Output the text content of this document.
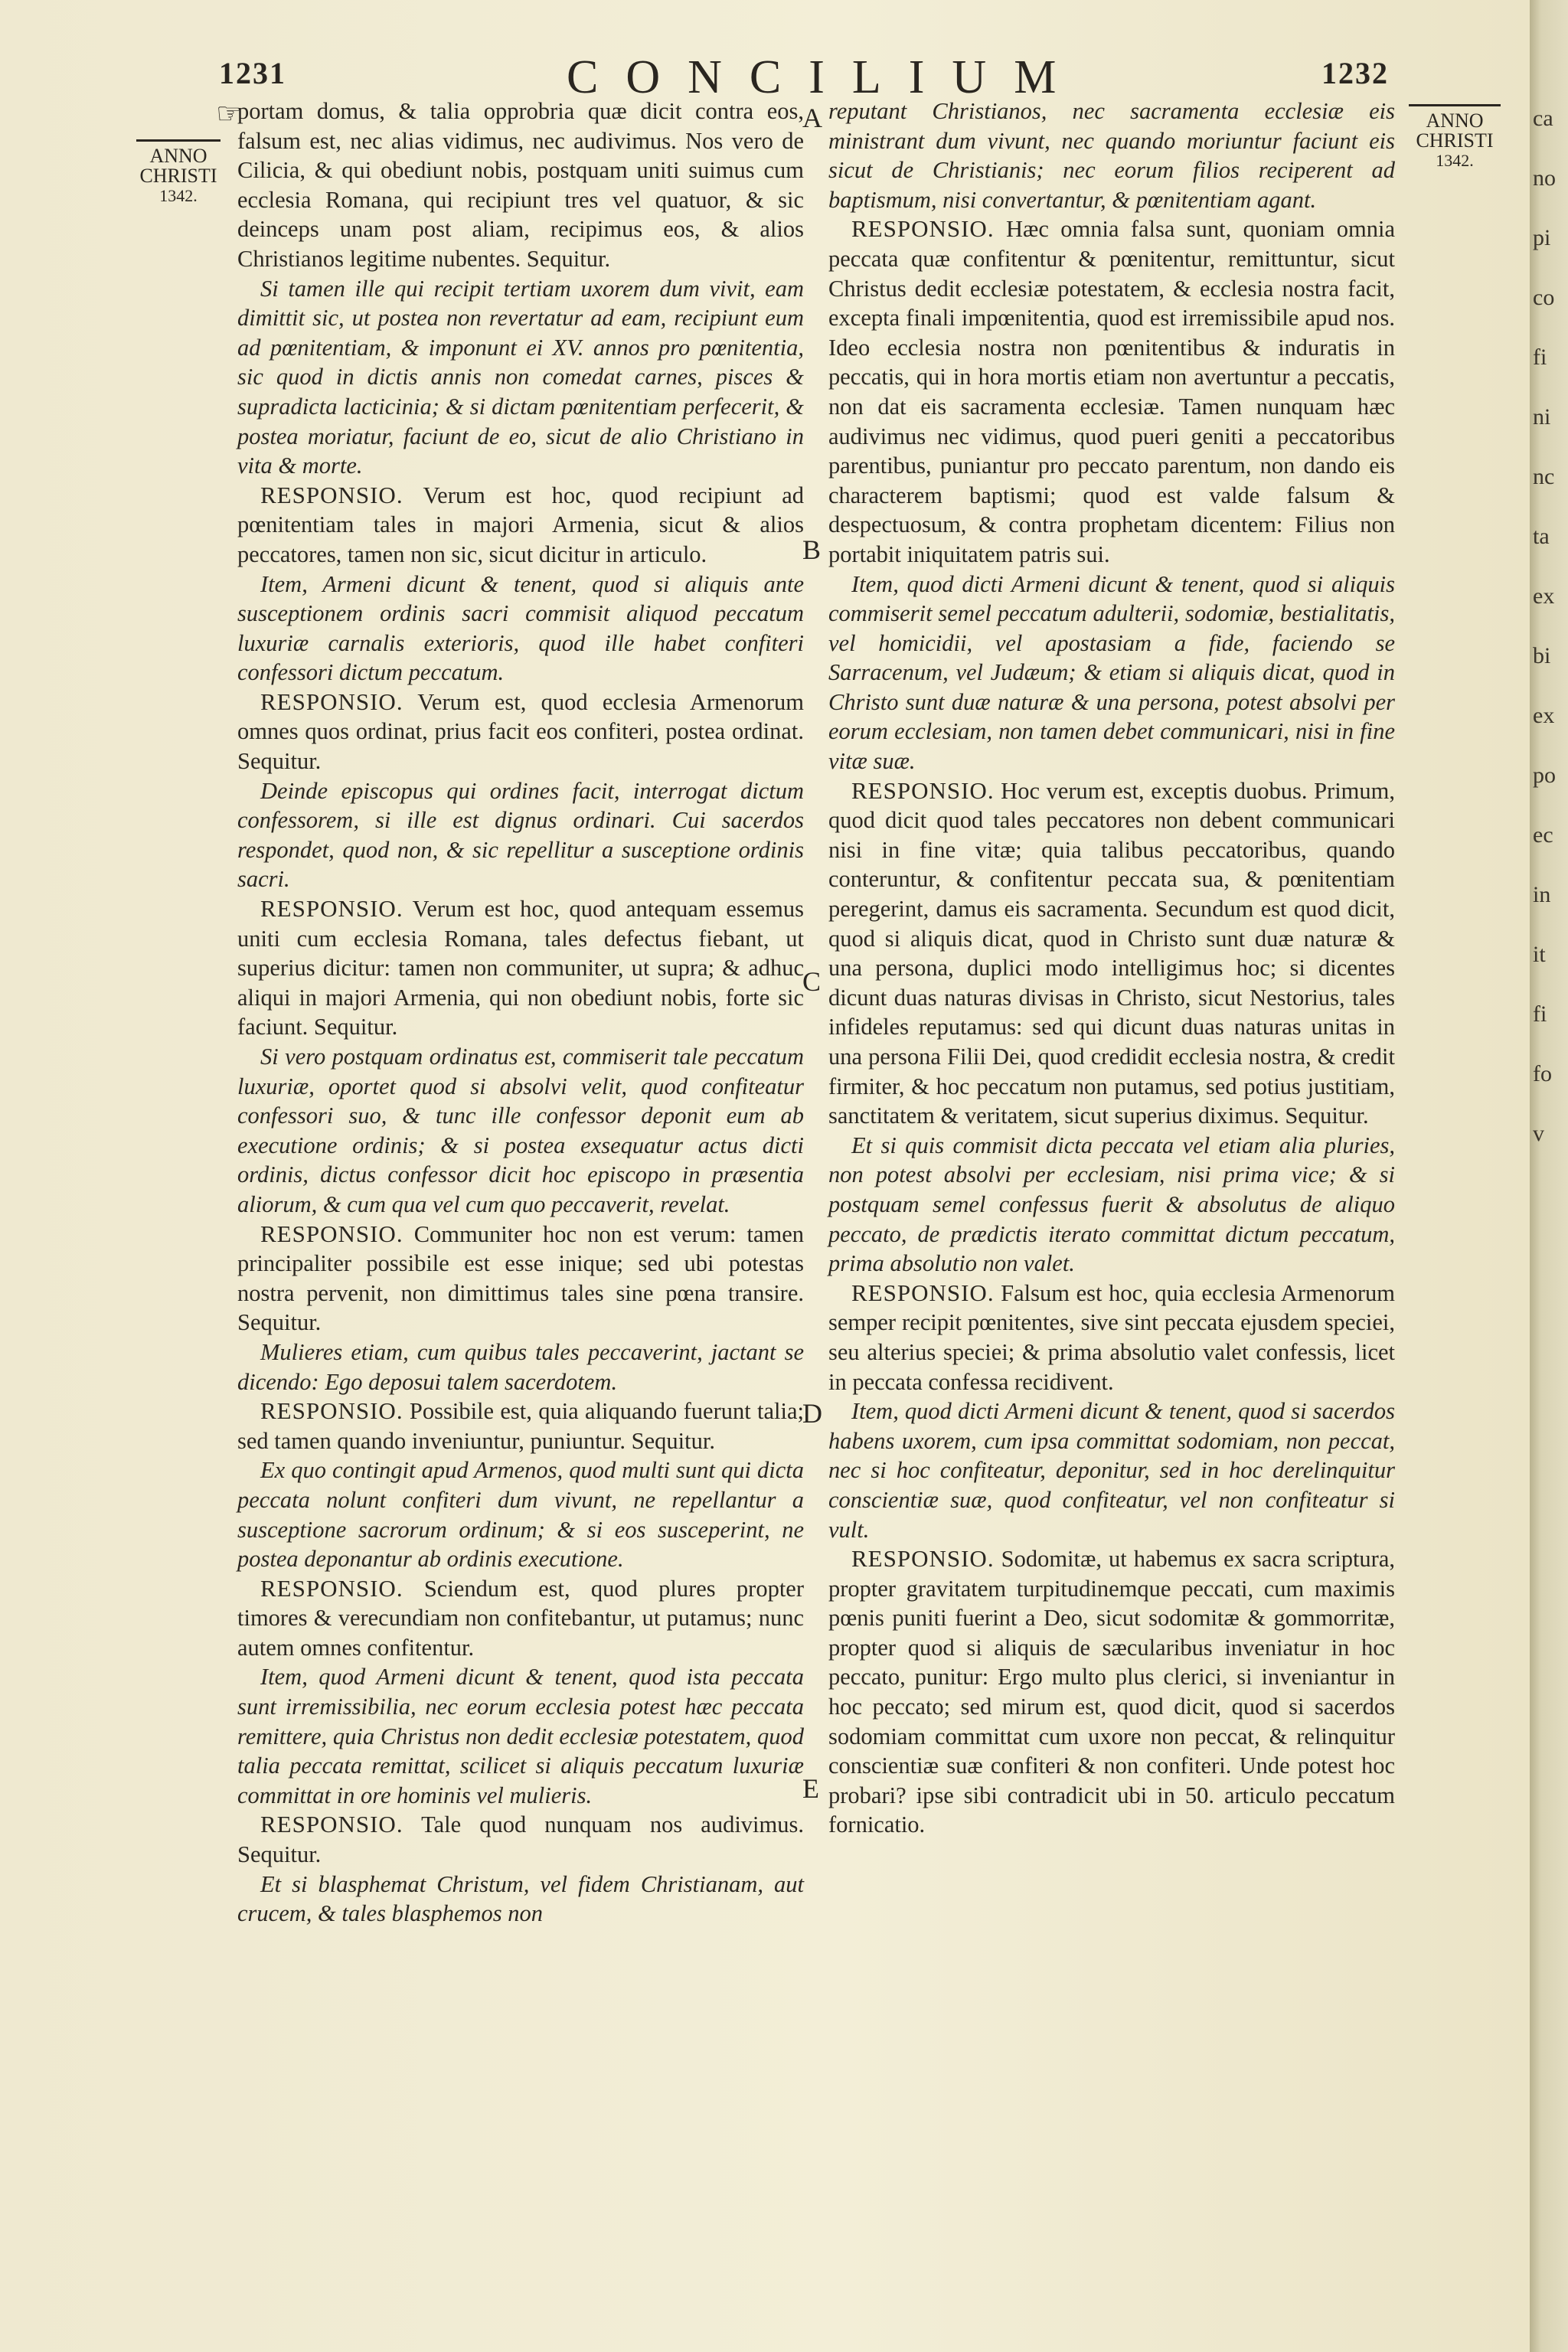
1231	CONCILIUM	1232
☞
ANNO
CHRISTI
1342.
ANNO
CHRISTI
1342.

portam domus, & talia opprobria quæ dicit contra eos, falsum est, nec alias vidimus, nec audivimus. Nos vero de Cilicia, & qui obediunt nobis, postquam uniti suimus cum ecclesia Romana, qui recipiunt tres vel quatuor, & sic deinceps unam post aliam, recipimus eos, & alios Christianos legitime nubentes. Sequitur.

Si tamen ille qui recipit tertiam uxorem dum vivit, eam dimittit sic, ut postea non revertatur ad eam, recipiunt eum ad pœnitentiam, & imponunt ei XV. annos pro pœnitentia, sic quod in dictis annis non comedat carnes, pisces & supradicta lacticinia; & si dictam pœnitentiam perfecerit, & postea moriatur, faciunt de eo, sicut de alio Christiano in vita & morte.

RESPONSIO. Verum est hoc, quod recipiunt ad pœnitentiam tales in majori Armenia, sicut & alios peccatores, tamen non sic, sicut dicitur in articulo.

Item, Armeni dicunt & tenent, quod si aliquis ante susceptionem ordinis sacri commisit aliquod peccatum luxuriæ carnalis exterioris, quod ille habet confiteri confessori dictum peccatum.

RESPONSIO. Verum est, quod ecclesia Armenorum omnes quos ordinat, prius facit eos confiteri, postea ordinat. Sequitur.

Deinde episcopus qui ordines facit, interrogat dictum confessorem, si ille est dignus ordinari. Cui sacerdos respondet, quod non, & sic repellitur a susceptione ordinis sacri.

RESPONSIO. Verum est hoc, quod antequam essemus uniti cum ecclesia Romana, tales defectus fiebant, ut superius dicitur: tamen non communiter, ut supra; & adhuc aliqui in majori Armenia, qui non obediunt nobis, forte sic faciunt. Sequitur.

Si vero postquam ordinatus est, commiserit tale peccatum luxuriæ, oportet quod si absolvi velit, quod confiteatur confessori suo, & tunc ille confessor deponit eum ab executione ordinis; & si postea exsequatur actus dicti ordinis, dictus confessor dicit hoc episcopo in præsentia aliorum, & cum qua vel cum quo peccaverit, revelat.

RESPONSIO. Communiter hoc non est verum: tamen principaliter possibile est esse inique; sed ubi potestas nostra pervenit, non dimittimus tales sine pœna transire. Sequitur.

Mulieres etiam, cum quibus tales peccaverint, jactant se dicendo: Ego deposui talem sacerdotem.

RESPONSIO. Possibile est, quia aliquando fuerunt talia; sed tamen quando inveniuntur, puniuntur. Sequitur.

Ex quo contingit apud Armenos, quod multi sunt qui dicta peccata nolunt confiteri dum vivunt, ne repellantur a susceptione sacrorum ordinum; & si eos susceperint, ne postea deponantur ab ordinis executione.

RESPONSIO. Sciendum est, quod plures propter timores & verecundiam non confitebantur, ut putamus; nunc autem omnes confitentur.

Item, quod Armeni dicunt & tenent, quod ista peccata sunt irremissibilia, nec eorum ecclesia potest hæc peccata remittere, quia Christus non dedit ecclesiæ potestatem, quod talia peccata remittat, scilicet si aliquis peccatum luxuriæ committat in ore hominis vel mulieris.

RESPONSIO. Tale quod nunquam nos audivimus. Sequitur.

Et si blasphemat Christum, vel fidem Christianam, aut crucem, & tales blasphemos non

reputant Christianos, nec sacramenta ecclesiæ eis ministrant dum vivunt, nec quando moriuntur faciunt eis sicut de Christianis; nec eorum filios reciperent ad baptismum, nisi convertantur, & pœnitentiam agant.

RESPONSIO. Hæc omnia falsa sunt, quoniam omnia peccata quæ confitentur & pœnitentur, remittuntur, sicut Christus dedit ecclesiæ potestatem, & ecclesia nostra facit, excepta finali impœnitentia, quod est irremissibile apud nos. Ideo ecclesia nostra non pœnitentibus & induratis in peccatis, qui in hora mortis etiam non avertuntur a peccatis, non dat eis sacramenta ecclesiæ. Tamen nunquam hæc audivimus nec vidimus, quod pueri geniti a peccatoribus parentibus, puniantur pro peccato parentum, non dando eis characterem baptismi; quod est valde falsum & despectuosum, & contra prophetam dicentem: Filius non portabit iniquitatem patris sui.

Item, quod dicti Armeni dicunt & tenent, quod si aliquis commiserit semel peccatum adulterii, sodomiæ, bestialitatis, vel homicidii, vel apostasiam a fide, faciendo se Sarracenum, vel Judæum; & etiam si aliquis dicat, quod in Christo sunt duæ naturæ & una persona, potest absolvi per eorum ecclesiam, non tamen debet communicari, nisi in fine vitæ suæ.

RESPONSIO. Hoc verum est, exceptis duobus. Primum, quod dicit quod tales peccatores non debent communicari nisi in fine vitæ; quia talibus peccatoribus, quando conteruntur, & confitentur peccata sua, & pœnitentiam peregerint, damus eis sacramenta. Secundum est quod dicit, quod si aliquis dicat, quod in Christo sunt duæ naturæ & una persona, duplici modo intelligimus hoc; si dicentes dicunt duas naturas divisas in Christo, sicut Nestorius, tales infideles reputamus: sed qui dicunt duas naturas unitas in una persona Filii Dei, quod credidit ecclesia nostra, & credit firmiter, & hoc peccatum non putamus, sed potius justitiam, sanctitatem & veritatem, sicut superius diximus. Sequitur.

Et si quis commisit dicta peccata vel etiam alia pluries, non potest absolvi per ecclesiam, nisi prima vice; & si postquam semel confessus fuerit & absolutus de aliquo peccato, de prædictis iterato committat dictum peccatum, prima absolutio non valet.

RESPONSIO. Falsum est hoc, quia ecclesia Armenorum semper recipit pœnitentes, sive sint peccata ejusdem speciei, seu alterius speciei; & prima absolutio valet confessis, licet in peccata confessa recidivent.

Item, quod dicti Armeni dicunt & tenent, quod si sacerdos habens uxorem, cum ipsa committat sodomiam, non peccat, nec si hoc confiteatur, deponitur, sed in hoc derelinquitur conscientiæ suæ, quod confiteatur, vel non confiteatur si vult.

RESPONSIO. Sodomitæ, ut habemus ex sacra scriptura, propter gravitatem turpitudinemque peccati, cum maximis pœnis puniti fuerint a Deo, sicut sodomitæ & gommorritæ, propter quod si aliquis de sæcularibus inveniatur in hoc peccato, punitur: Ergo multo plus clerici, si inveniantur in hoc peccato; sed mirum est, quod dicit, quod si sacerdos sodomiam committat cum uxore non peccat, & relinquitur conscientiæ suæ confiteri & non confiteri. Unde potest hoc probari? ipse sibi contradicit ubi in 50. articulo peccatum fornicatio.

A
B
C
D
E
ca
no
pi
co
fi
ni
nc
ta
ex
bi
ex
po
ec
in
it
fi
fo
v
